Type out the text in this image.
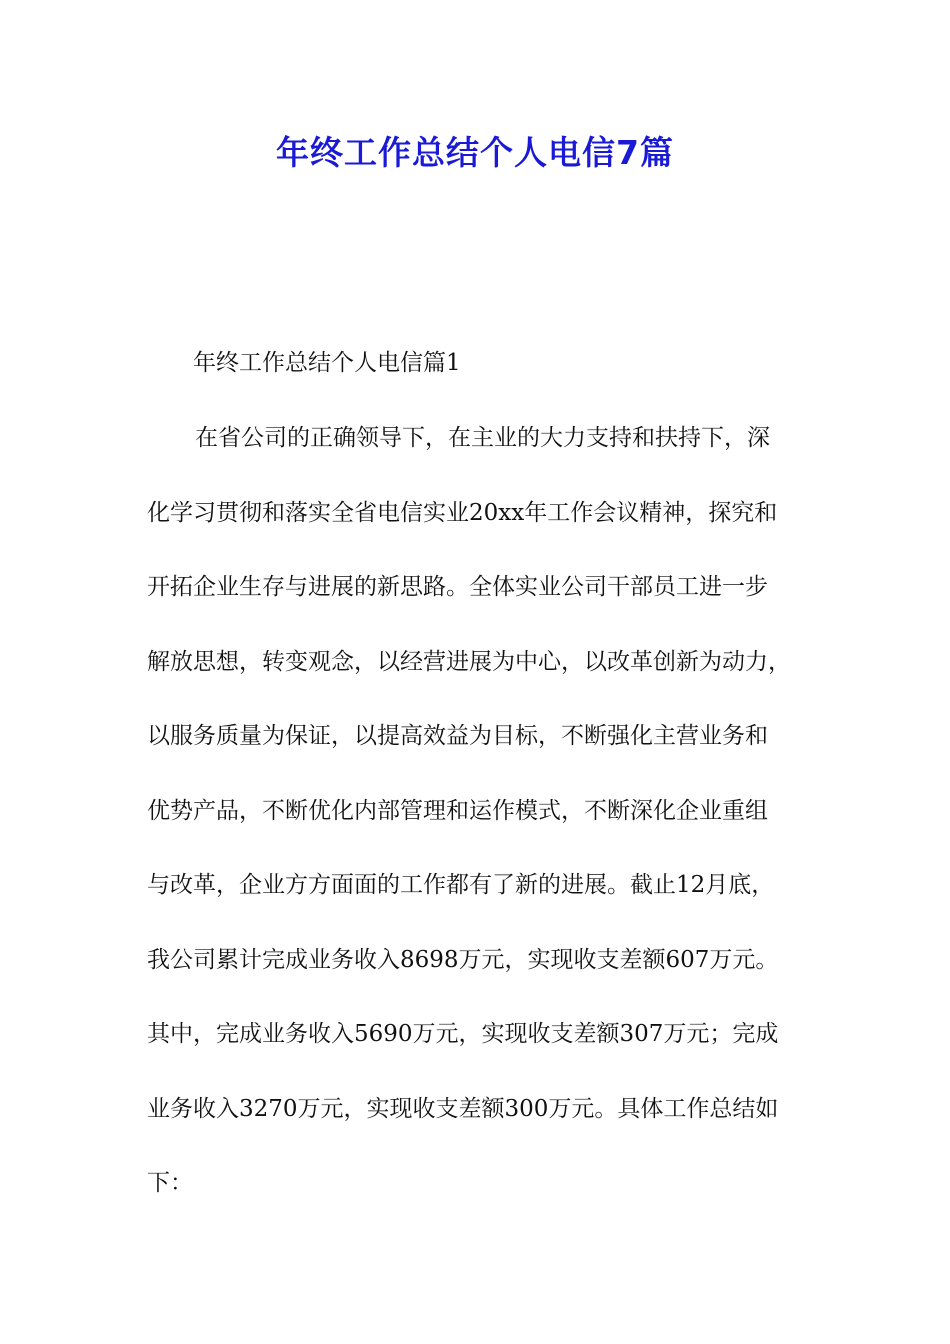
年终工作总结个人电信7篇

年终工作总结个人电信篇1

在省公司的正确领导下，在主业的大力支持和扶持下，深
化学习贯彻和落实全省电信实业20xx年工作会议精神，探究和
开拓企业生存与进展的新思路。全体实业公司干部员工进一步
解放思想，转变观念，以经营进展为中心，以改革创新为动力，
以服务质量为保证，以提高效益为目标，不断强化主营业务和
优势产品，不断优化内部管理和运作模式，不断深化企业重组
与改革，企业方方面面的工作都有了新的进展。截止12月底，
我公司累计完成业务收入8698万元，实现收支差额607万元。
其中，完成业务收入5690万元，实现收支差额307万元；完成
业务收入3270万元，实现收支差额300万元。具体工作总结如
下：
